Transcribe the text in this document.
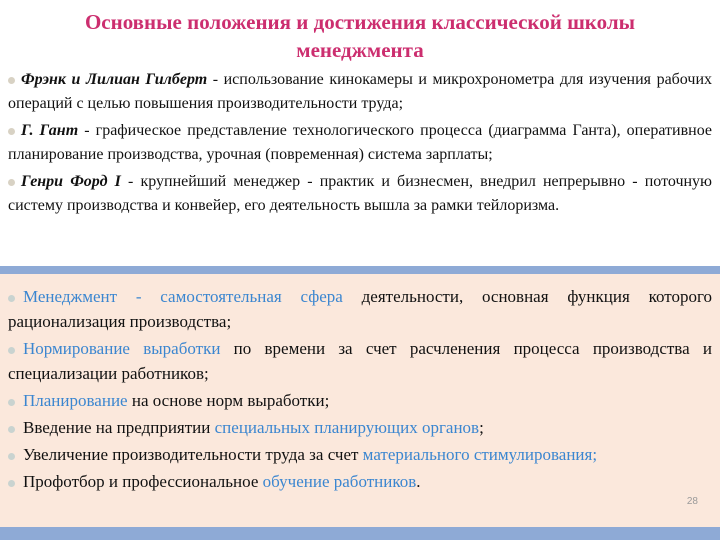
Основные положения и достижения классической школы менеджмента

Фрэнк и Лилиан Гилберт - использование кинокамеры и микрохронометра для изучения рабочих операций с целью повышения производительности труда;

Г. Гант - графическое представление технологического процесса (диаграмма Ганта), оперативное планирование производства, урочная (повременная) система зарплаты;

Генри Форд I - крупнейший менеджер - практик и бизнесмен, внедрил непрерывно - поточную систему производства и конвейер, его деятельность вышла за рамки тейлоризма.

Менеджмент - самостоятельная сфера деятельности, основная функция которого рационализация производства;

Нормирование выработки по времени за счет расчленения процесса производства и специализации работников;

Планирование на основе норм выработки;

Введение на предприятии специальных планирующих органов;

Увеличение производительности труда за счет материального стимулирования;

Профотбор и профессиональное обучение работников.

28
